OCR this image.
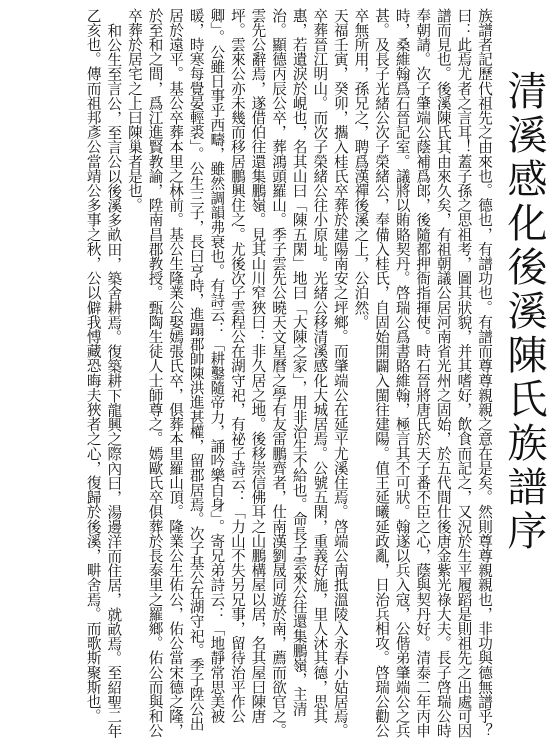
清溪感化後溪陳氏族譜序

族譜者記歷代祖先之由來也。德也，有譜功也。有譜而尊尊親親之意在是矣。然則尊尊親親也，非功與德無譜乎？曰：此焉尤者之言耳！蓋子孫之思祖考，圖其狀貌，并其嗜好，飲食而記之，又況於生平履蹈是則祖先之出處可因譜而見也。後溪陳氏其由來久矣，有祖朝議公居河南省光州之固始，於五代間仕後唐金紫光祿大夫。長子啓瑞公時奉朝請。次子肇端公蔭補爲郎，後隨都押衙指揮使。時石晉將唐氏於天子番不臣之心，蔭與契丹好。清泰二年丙申時，桑維翰爲石晉記室。議將以賄賂契丹。啓瑞公爲書賂維翰，極言其不可狀。翰遂以兵入寇，公偕弟肇端公之兵甚。及長子光緒公次子榮緒公，奉備入桂氏，自固始開闢入閩往建陽。值王延曦延政亂，日治兵相攻。啓瑞公勸公卒無所用，孫兄之，聘爲漢禪後溪之上，公泊然。

天福壬寅，癸卯，攜入桂氏卒葬於建陽南安之坪鄉。而肇端公在延平尤溪住焉。啓端公南抵溫陵入永春小姑居焉。卒葬晉江明山。而次子榮緒公往小原址。光緒公移清溪感化大城居焉。公號五閑，重義好施，里人沐其德，思其惠，若遺淚於峴也，名其山曰「陳五閑」地曰「大陳之家」，用非治生不給也。命長子雲來公往還集鵬嶺，主清治。顯德丙辰公卒，葬鴻頭羅山。季子雲先公曉天文星曆之學有友雷鵬齊者，仕南漢劉晟同遊於南，薦而欲官之。雲先公辭焉，遂借伯往還集鵬嶺。見其山川窄狹曰：非久居之地。後移崇信佛耳之山鵬構屋以居，名其屋曰陳唐坪。雲來公亦未幾而移居鵬興住之。尤後次子雲程公在湖守祀，有祕子詩云：「力山不失另兄事，留待治平作公卿」。公雖日事乎西疇，雖然調韻弗衰也。有詩云：「耕鑿隨帝力，誦吟樂自身」。寄兄弟詩云：「地靜常思美被暖，時寒每覺晏輕裘」。公生三子，長曰亨時，進蹋郡帥陳洪進甚權，留郡居焉。次子基公在湖守祀。季子陞公出居於遠平。基公卒葬本里之林前。基公生隆業公娶嫣張氏卒，俱葬本里羅山頂。隆業公生佑公，佑公當宋德之隆，於至和之間，爲江進賢教諭，陞南昌郡教授。甄陶生徒人士師尊之。嫣歐氏卒俱葬於長泰里之羅鄉。佑公而與和公卒葬於居宅之上曰陳巢者是也。

和公生至言公，至言公以後溪多畝田，築舍耕焉。復築耕下龍興之際內曰，湯邊洋而住居，就畝焉。至紹聖二年乙亥也。傳而祖邦彥公當靖公多事之秋，公以僻我愽藏恐晦夫狹者之心，復歸於後溪，畊舍焉。而歌斯聚斯也。
